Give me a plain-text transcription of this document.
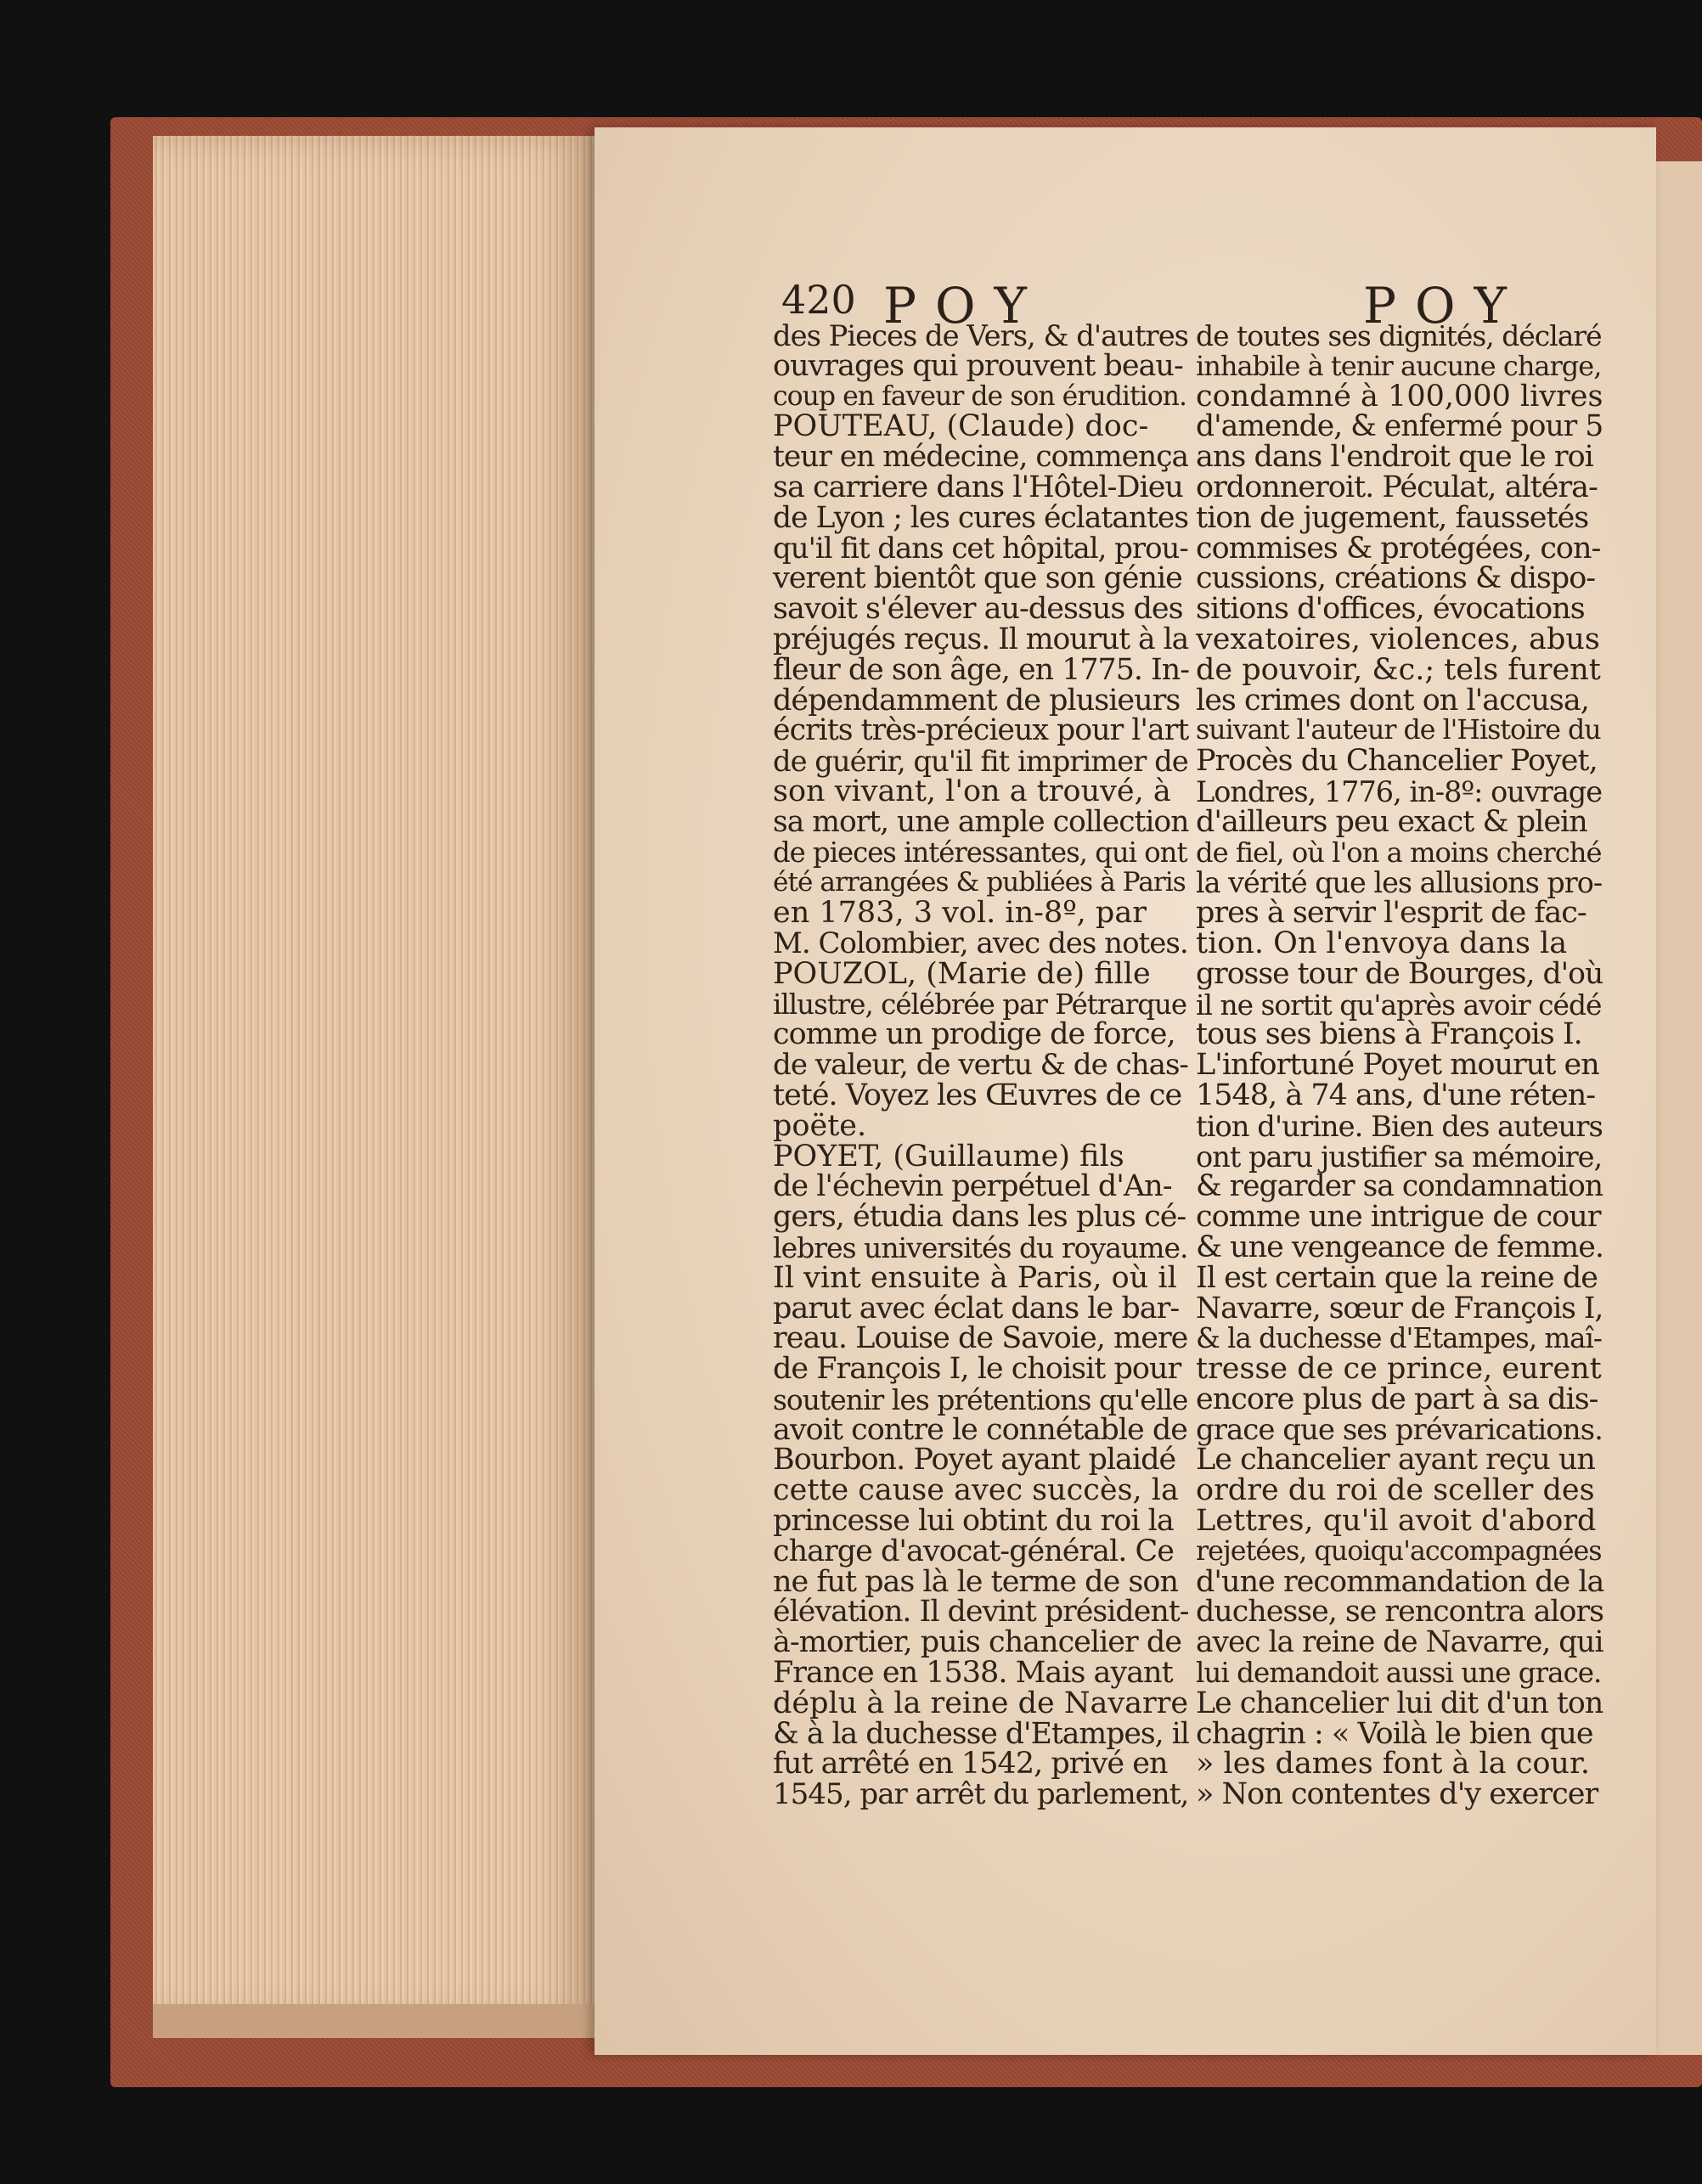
420 POY	POY
des Pieces de Vers, & d'autres
ouvrages qui prouvent beau-
coup en faveur de son érudition.
POUTEAU, (Claude) doc-
teur en médecine, commença
sa carriere dans l'Hôtel-Dieu
de Lyon ; les cures éclatantes
qu'il fit dans cet hôpital, prou-
verent bientôt que son génie
savoit s'élever au-dessus des
préjugés reçus. Il mourut à la
fleur de son âge, en 1775. In-
dépendamment de plusieurs
écrits très-précieux pour l'art
de guérir, qu'il fit imprimer de
son vivant, l'on a trouvé, à
sa mort, une ample collection
de pieces intéressantes, qui ont
été arrangées & publiées à Paris
en 1783, 3 vol. in-8º, par
M. Colombier, avec des notes.
POUZOL, (Marie de) fille
illustre, célébrée par Pétrarque
comme un prodige de force,
de valeur, de vertu & de chas-
teté. Voyez les Œuvres de ce
poëte.
POYET, (Guillaume) fils
de l'échevin perpétuel d'An-
gers, étudia dans les plus cé-
lebres universités du royaume.
Il vint ensuite à Paris, où il
parut avec éclat dans le bar-
reau. Louise de Savoie, mere
de François I, le choisit pour
soutenir les prétentions qu'elle
avoit contre le connétable de
Bourbon. Poyet ayant plaidé
cette cause avec succès, la
princesse lui obtint du roi la
charge d'avocat-général. Ce
ne fut pas là le terme de son
élévation. Il devint président-
à-mortier, puis chancelier de
France en 1538. Mais ayant
déplu à la reine de Navarre
& à la duchesse d'Etampes, il
fut arrêté en 1542, privé en
1545, par arrêt du parlement,
de toutes ses dignités, déclaré
inhabile à tenir aucune charge,
condamné à 100,000 livres
d'amende, & enfermé pour 5
ans dans l'endroit que le roi
ordonneroit. Péculat, altéra-
tion de jugement, faussetés
commises & protégées, con-
cussions, créations & dispo-
sitions d'offices, évocations
vexatoires, violences, abus
de pouvoir, &c.; tels furent
les crimes dont on l'accusa,
suivant l'auteur de l'Histoire du
Procès du Chancelier Poyet,
Londres, 1776, in-8º: ouvrage
d'ailleurs peu exact & plein
de fiel, où l'on a moins cherché
la vérité que les allusions pro-
pres à servir l'esprit de fac-
tion. On l'envoya dans la
grosse tour de Bourges, d'où
il ne sortit qu'après avoir cédé
tous ses biens à François I.
L'infortuné Poyet mourut en
1548, à 74 ans, d'une réten-
tion d'urine. Bien des auteurs
ont paru justifier sa mémoire,
& regarder sa condamnation
comme une intrigue de cour
& une vengeance de femme.
Il est certain que la reine de
Navarre, sœur de François I,
& la duchesse d'Etampes, maî-
tresse de ce prince, eurent
encore plus de part à sa dis-
grace que ses prévarications.
Le chancelier ayant reçu un
ordre du roi de sceller des
Lettres, qu'il avoit d'abord
rejetées, quoiqu'accompagnées
d'une recommandation de la
duchesse, se rencontra alors
avec la reine de Navarre, qui
lui demandoit aussi une grace.
Le chancelier lui dit d'un ton
chagrin : « Voilà le bien que
» les dames font à la cour.
» Non contentes d'y exercer
